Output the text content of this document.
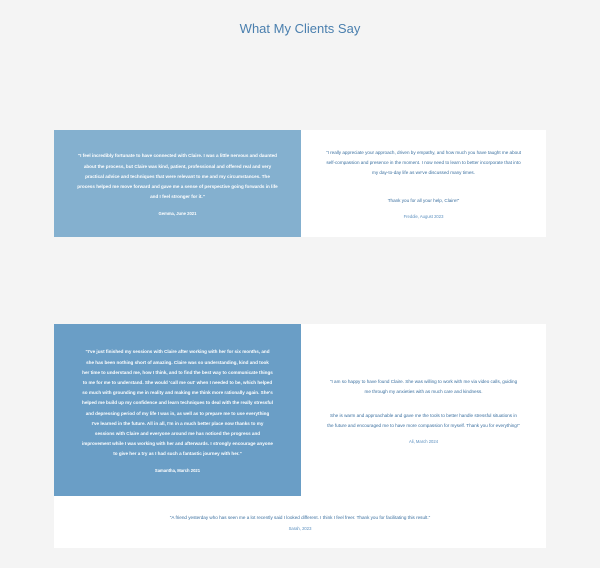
What My Clients Say
"I feel incredibly fortunate to have connected with Claire. I was a little nervous and daunted about the process, but Claire was kind, patient, professional and offered real and very practical advice and techniques that were relevant to me and my circumstances. The process helped me move forward and gave me a sense of perspective going forwards in life and I feel stronger for it."
Gemma, June 2021
"I really appreciate your approach, driven by empathy, and how much you have taught me about self-compassion and presence in the moment. I now need to learn to better incorporate that into my day-to-day life as we've discussed many times.

Thank you for all your help, Claire!"

Freddie, August 2023
"I've just finished my sessions with Claire after working with her for six months, and she has been nothing short of amazing. Claire was so understanding, kind and took her time to understand me, how I think, and to find the best way to communicate things to me for me to understand. She would 'call me out' when I needed to be, which helped so much with grounding me in reality and making me think more rationally again. She's helped me build up my confidence and learn techniques to deal with the really stressful and depressing period of my life I was in, as well as to prepare me to use everything I've learned in the future. All in all, I'm in a much better place now thanks to my sessions with Claire and everyone around me has noticed the progress and improvement while I was working with her and afterwards. I strongly encourage anyone to give her a try as I had such a fantastic journey with her."
Samantha, March 2021

"I am so happy to have found Claire. She was willing to work with me via video calls, guiding me through my anxieties with as much care and kindness.

She is warm and approachable and gave me the tools to better handle stressful situations in the future and encouraged me to have more compassion for myself. Thank you for everything!"

Ali, March 2024
"A friend yesterday who has seen me a lot recently said I looked different. I think I feel freer. Thank you for facilitating this result."
Sarah, 2023
